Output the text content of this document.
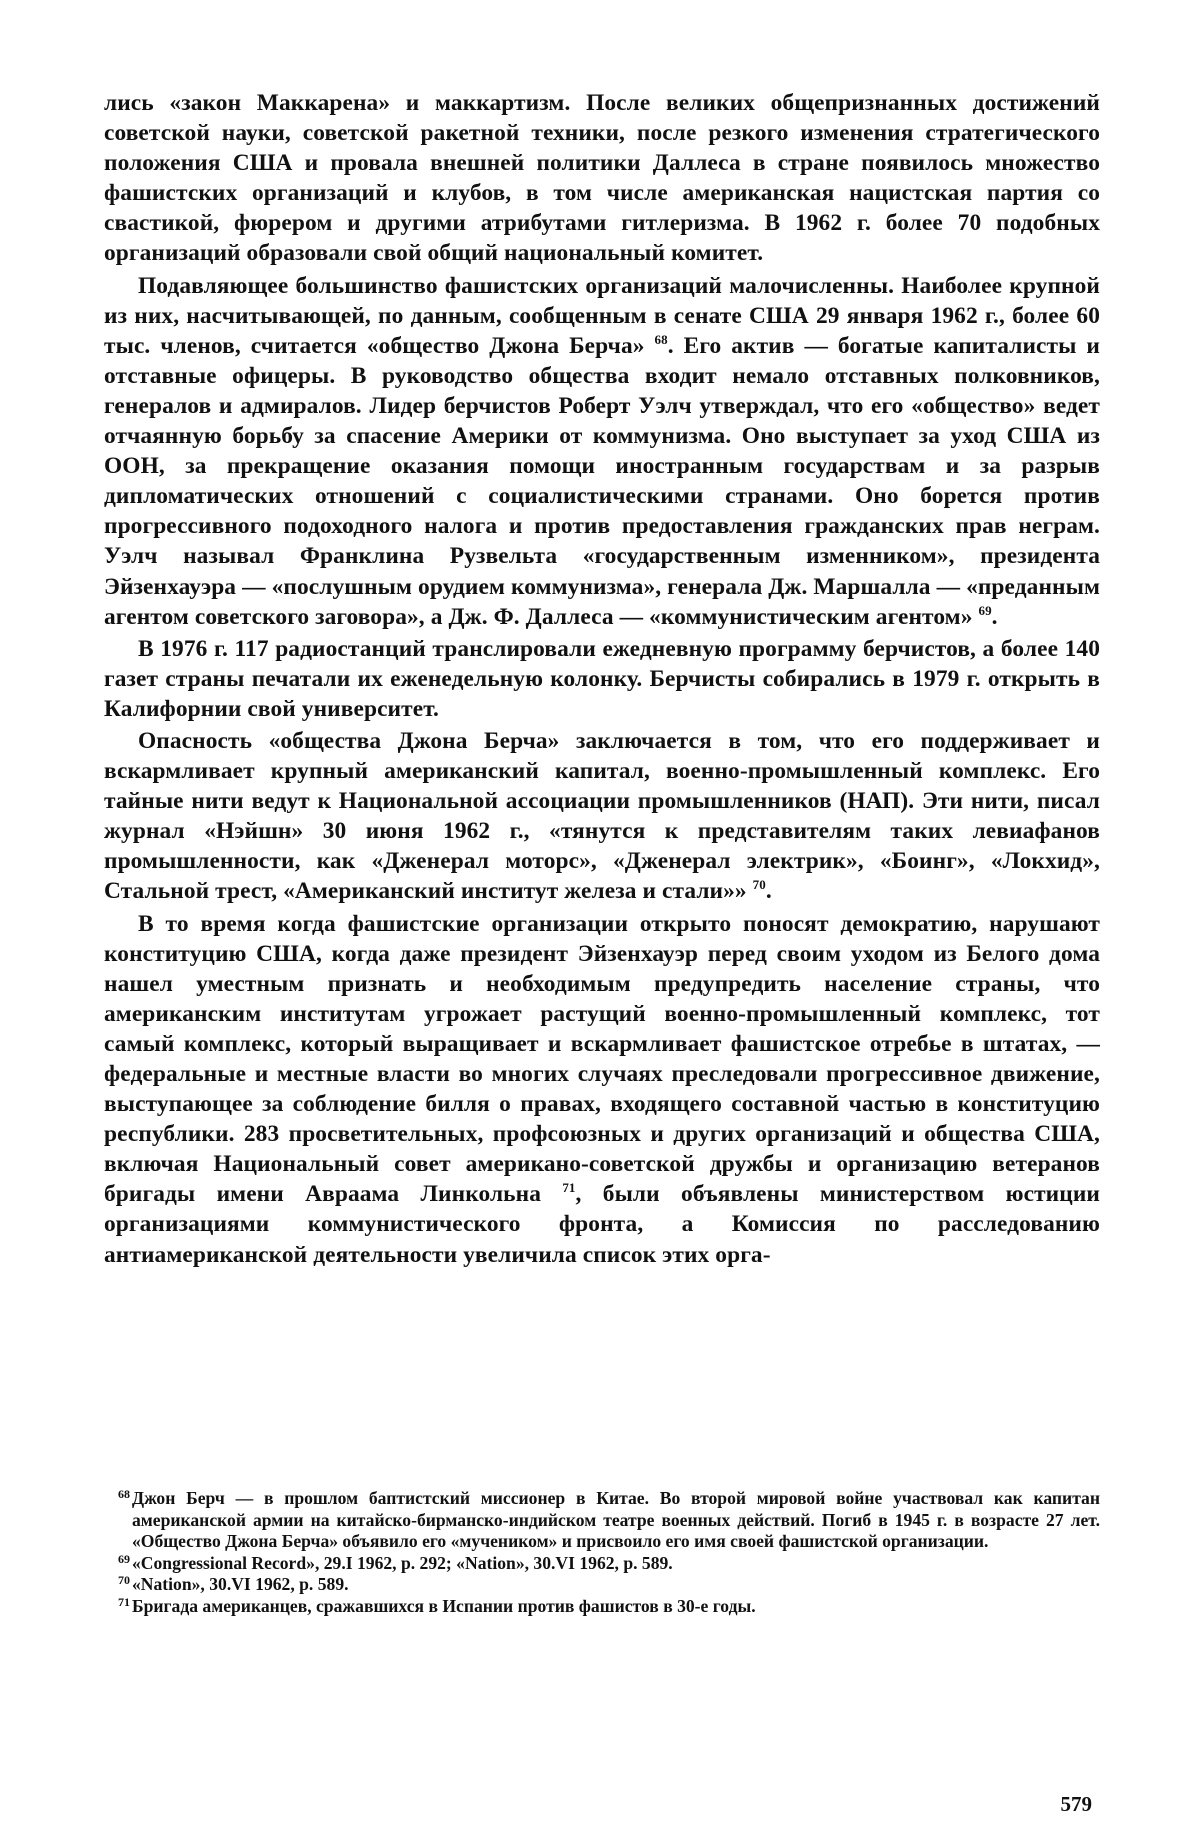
лись «закон Маккарена» и маккартизм. После великих общепризнанных достижений советской науки, советской ракетной техники, после резкого изменения стратегического положения США и провала внешней политики Даллеса в стране появилось множество фашистских организаций и клубов, в том числе американская нацистская партия со свастикой, фюрером и другими атрибутами гитлеризма. В 1962 г. более 70 подобных организаций образовали свой общий национальный комитет.

Подавляющее большинство фашистских организаций малочисленны. Наиболее крупной из них, насчитывающей, по данным, сообщенным в сенате США 29 января 1962 г., более 60 тыс. членов, считается «общество Джона Берча» $^{68}$. Его актив — богатые капиталисты и отставные офицеры. В руководство общества входит немало отставных полковников, генералов и адмиралов. Лидер берчистов Роберт Уэлч утверждал, что его «общество» ведет отчаянную борьбу за спасение Америки от коммунизма. Оно выступает за уход США из ООН, за прекращение оказания помощи иностранным государствам и за разрыв дипломатических отношений с социалистическими странами. Оно борется против прогрессивного подоходного налога и против предоставления гражданских прав неграм. Уэлч называл Франклина Рузвельта «государственным изменником», президента Эйзенхауэра — «послушным орудием коммунизма», генерала Дж. Маршалла — «преданным агентом советского заговора», а Дж. Ф. Даллеса — «коммунистическим агентом» $^{69}$.

В 1976 г. 117 радиостанций транслировали ежедневную программу берчистов, а более 140 газет страны печатали их еженедельную колонку. Берчисты собирались в 1979 г. открыть в Калифорнии свой университет.

Опасность «общества Джона Берча» заключается в том, что его поддерживает и вскармливает крупный американский капитал, военно-промышленный комплекс. Его тайные нити ведут к Национальной ассоциации промышленников (НАП). Эти нити, писал журнал «Нэйшн» 30 июня 1962 г., «тянутся к представителям таких левиафанов промышленности, как «Дженерал моторс», «Дженерал электрик», «Боинг», «Локхид», Стальной трест, «Американский институт железа и стали»» $^{70}$.

В то время когда фашистские организации открыто поносят демократию, нарушают конституцию США, когда даже президент Эйзенхауэр перед своим уходом из Белого дома нашел уместным признать и необходимым предупредить население страны, что американским институтам угрожает растущий военно-промышленный комплекс, тот самый комплекс, который выращивает и вскармливает фашистское отребье в штатах, — федеральные и местные власти во многих случаях преследовали прогрессивное движение, выступающее за соблюдение билля о правах, входящего составной частью в конституцию республики. 283 просветительных, профсоюзных и других организаций и общества США, включая Национальный совет американо-советской дружбы и организацию ветеранов бригады имени Авраама Линкольна $^{71}$, были объявлены министерством юстиции организациями коммунистического фронта, а Комиссия по расследованию антиамериканской деятельности увеличила список этих орга-

68 Джон Берч — в прошлом баптистский миссионер в Китае. Во второй мировой войне участвовал как капитан американской армии на китайско-бирманско-индийском театре военных действий. Погиб в 1945 г. в возрасте 27 лет. «Общество Джона Берча» объявило его «мучеником» и присвоило его имя своей фашистской организации.

69 «Congressional Record», 29.I 1962, p. 292; «Nation», 30.VI 1962, p. 589.

70 «Nation», 30.VI 1962, p. 589.

71 Бригада американцев, сражавшихся в Испании против фашистов в 30-е годы.

579
